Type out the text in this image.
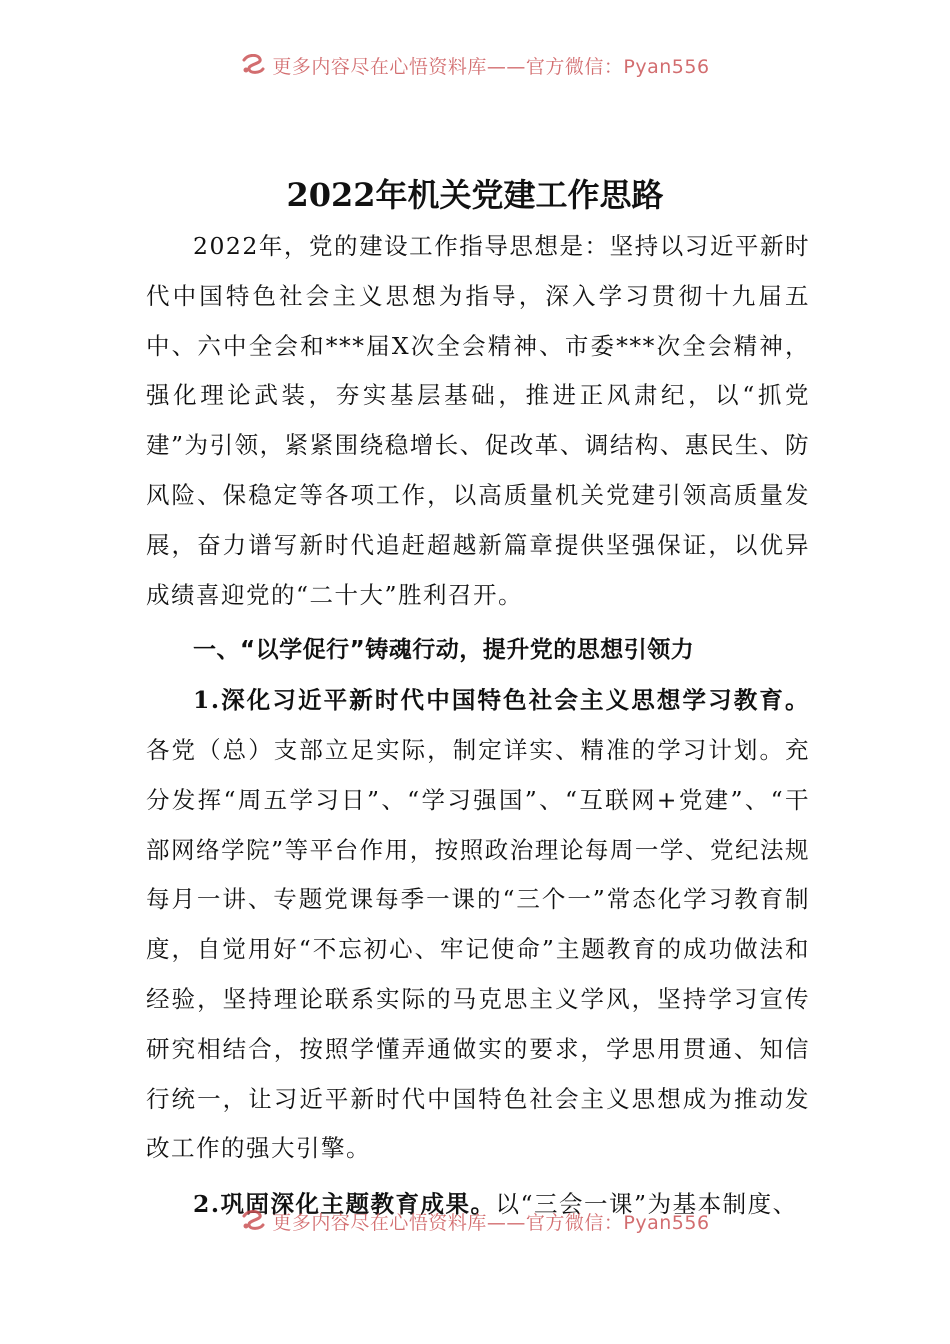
更多内容尽在心悟资料库——官方微信：Pyan556
2022年机关党建工作思路

2022年，党的建设工作指导思想是：坚持以习近平新时代中国特色社会主义思想为指导，深入学习贯彻十九届五中、六中全会和***届X次全会精神、市委***次全会精神，强化理论武装，夯实基层基础，推进正风肃纪，以“抓党建”为引领，紧紧围绕稳增长、促改革、调结构、惠民生、防风险、保稳定等各项工作，以高质量机关党建引领高质量发展，奋力谱写新时代追赶超越新篇章提供坚强保证，以优异成绩喜迎党的“二十大”胜利召开。

一、“以学促行”铸魂行动，提升党的思想引领力

1.深化习近平新时代中国特色社会主义思想学习教育。各党（总）支部立足实际，制定详实、精准的学习计划。充分发挥“周五学习日”、“学习强国”、“互联网+党建”、“干部网络学院”等平台作用，按照政治理论每周一学、党纪法规每月一讲、专题党课每季一课的“三个一”常态化学习教育制度，自觉用好“不忘初心、牢记使命”主题教育的成功做法和经验，坚持理论联系实际的马克思主义学风，坚持学习宣传研究相结合，按照学懂弄通做实的要求，学思用贯通、知信行统一，让习近平新时代中国特色社会主义思想成为推动发改工作的强大引擎。

2.巩固深化主题教育成果。以“三会一课”为基本制度、

更多内容尽在心悟资料库——官方微信：Pyan556
